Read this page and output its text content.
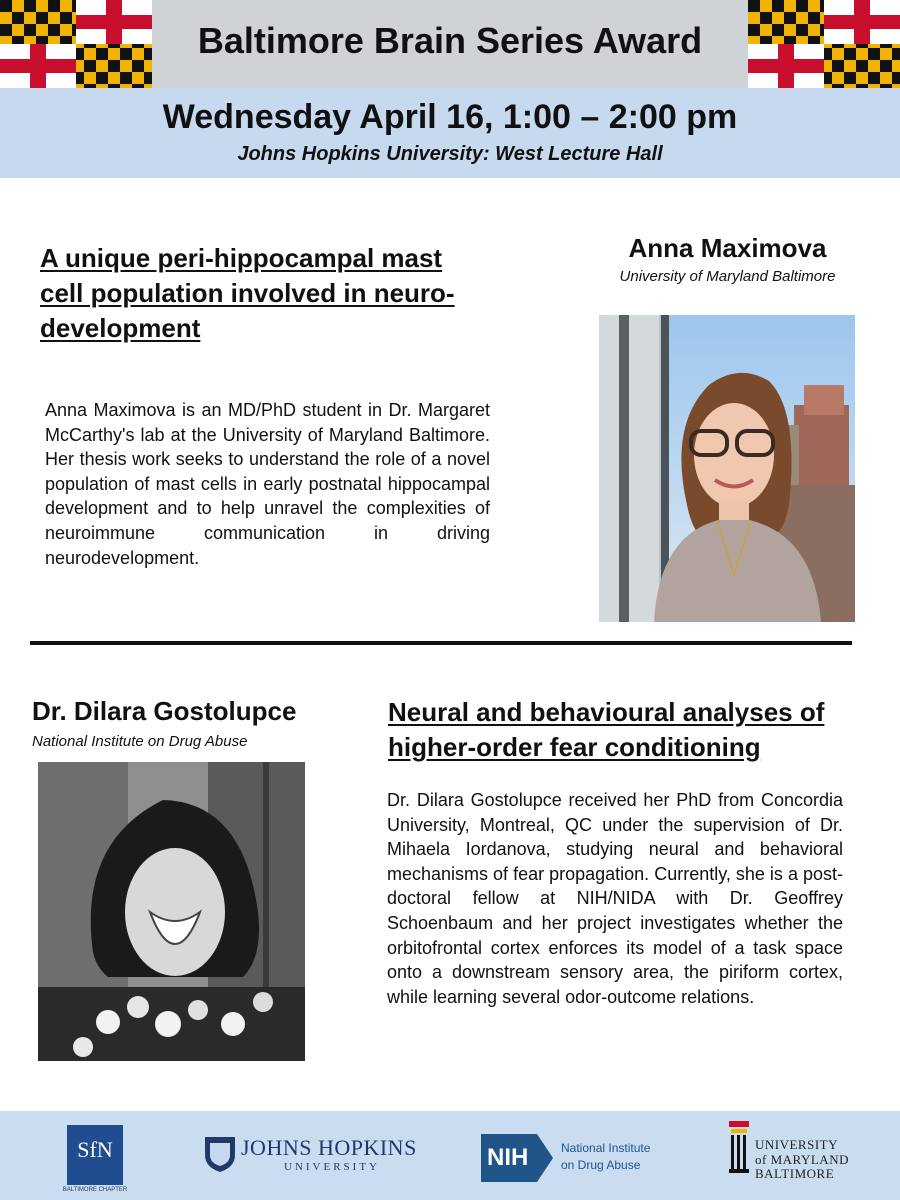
Baltimore Brain Series Award
Wednesday April 16, 1:00 – 2:00 pm
Johns Hopkins University: West Lecture Hall
A unique peri-hippocampal mast cell population involved in neuro-development
Anna Maximova
University of Maryland Baltimore
Anna Maximova is an MD/PhD student in Dr. Margaret McCarthy's lab at the University of Maryland Baltimore. Her thesis work seeks to understand the role of a novel population of mast cells in early postnatal hippocampal development and to help unravel the complexities of neuroimmune communication in driving neurodevelopment.
Dr. Dilara Gostolupce
National Institute on Drug Abuse
Neural and behavioural analyses of higher-order fear conditioning
Dr. Dilara Gostolupce received her PhD from Concordia University, Montreal, QC under the supervision of Dr. Mihaela Iordanova, studying neural and behavioral mechanisms of fear propagation. Currently, she is a post-doctoral fellow at NIH/NIDA with Dr. Geoffrey Schoenbaum and her project investigates whether the orbitofrontal cortex enforces its model of a task space onto a downstream sensory area, the piriform cortex, while learning several odor-outcome relations.
SfN
BALTIMORE CHAPTER
JOHNS HOPKINS
UNIVERSITY	NIH	National Institute
on Drug Abuse
UNIVERSITY
of MARYLAND
BALTIMORE
